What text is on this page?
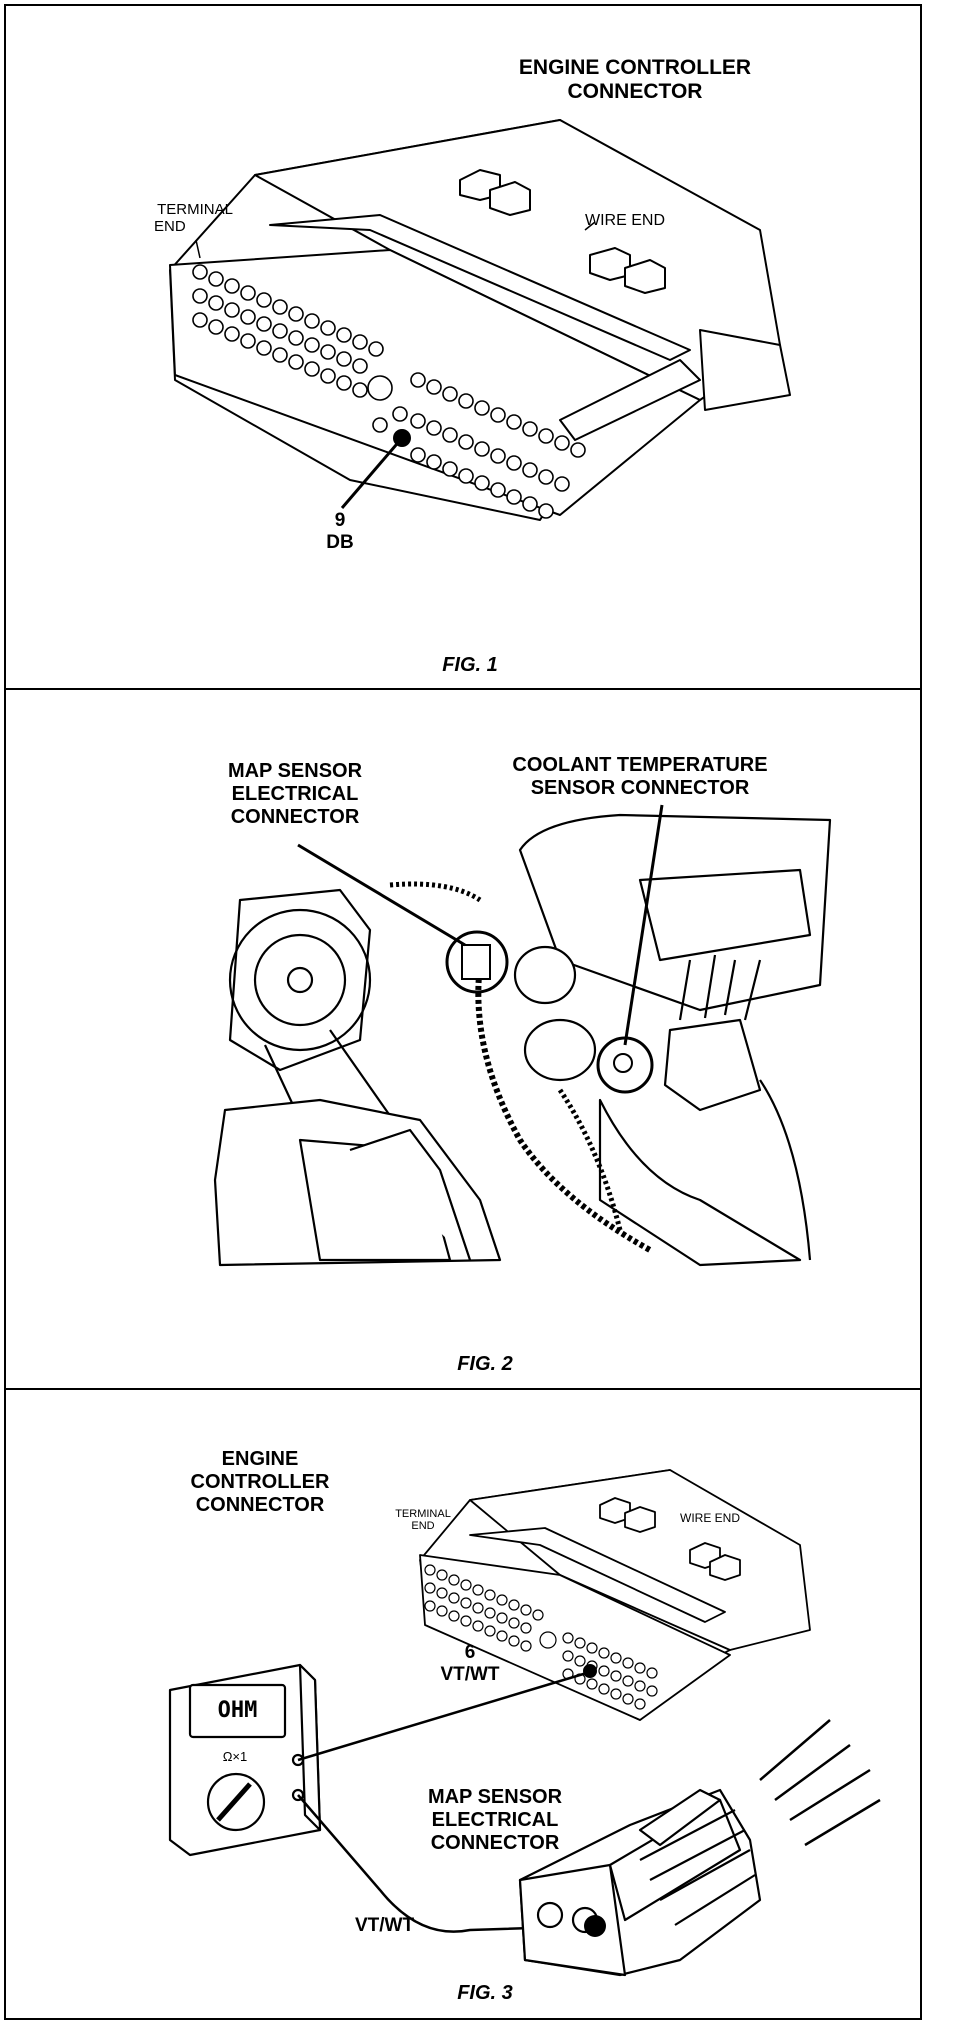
ENGINE CONTROLLER
CONNECTOR
TERMINAL
END	WIRE END
9
DB
FIG. 1
MAP SENSOR
ELECTRICAL
CONNECTOR
COOLANT TEMPERATURE
SENSOR CONNECTOR
FIG. 2
ENGINE
CONTROLLER
CONNECTOR	TERMINAL
END
WIRE END
6
VT/WT
OHM
Ω×1
MAP SENSOR
ELECTRICAL
CONNECTOR
VT/WT
FIG. 3
